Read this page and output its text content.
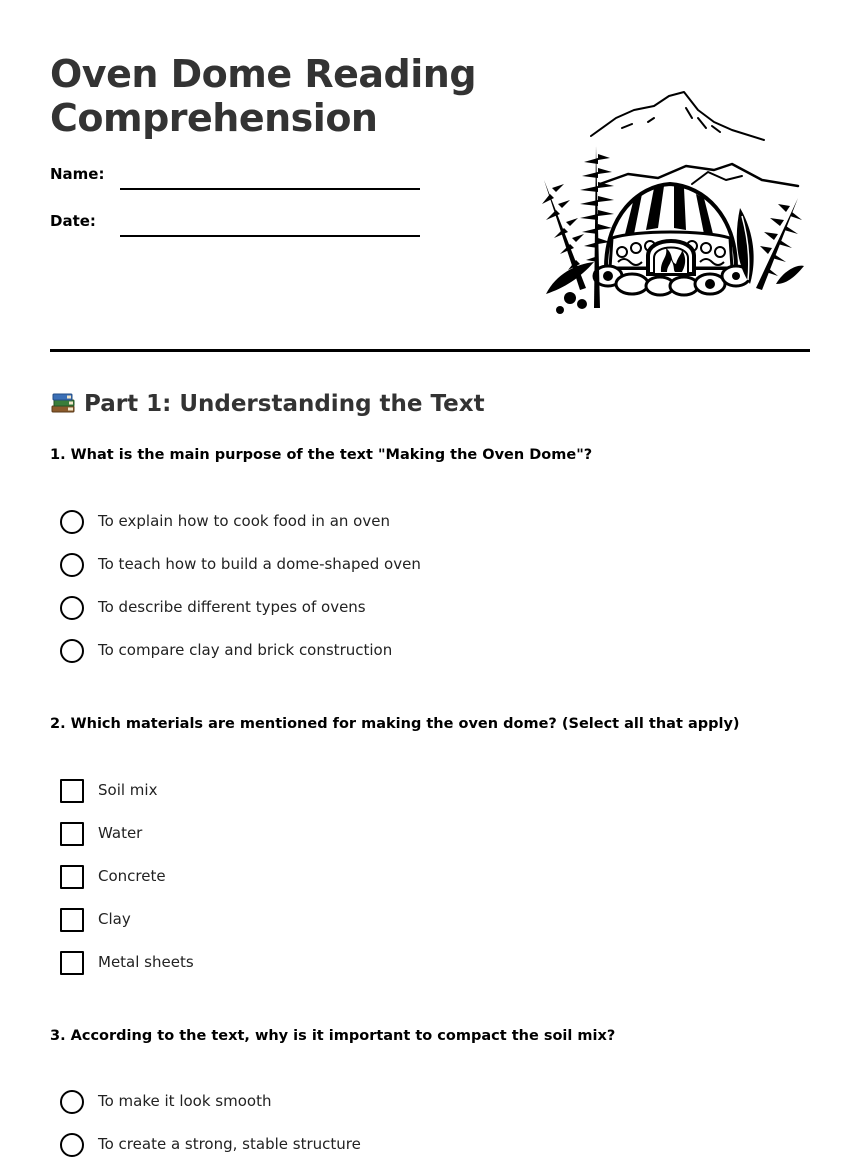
Oven Dome Reading Comprehension
Name:
Date:
Part 1: Understanding the Text
1. What is the main purpose of the text "Making the Oven Dome"?
To explain how to cook food in an oven
To teach how to build a dome-shaped oven
To describe different types of ovens
To compare clay and brick construction
2. Which materials are mentioned for making the oven dome? (Select all that apply)
Soil mix
Water
Concrete
Clay
Metal sheets
3. According to the text, why is it important to compact the soil mix?
To make it look smooth
To create a strong, stable structure
